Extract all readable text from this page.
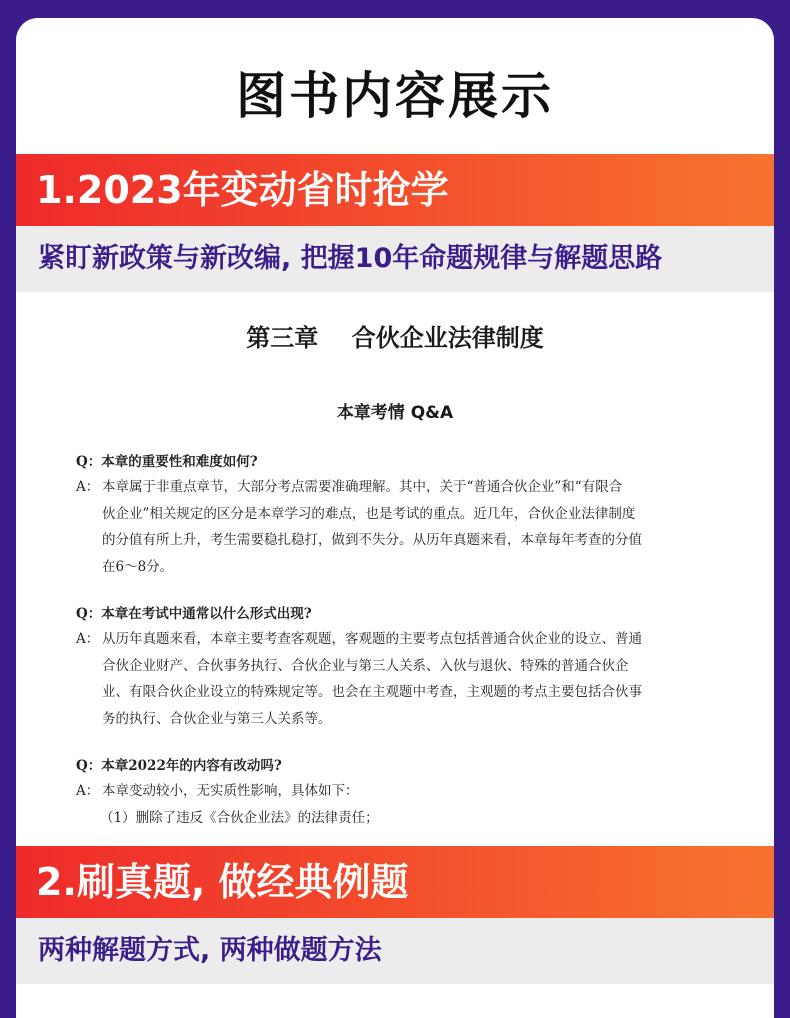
图书内容展示
1.2023年变动省时抢学
紧盯新政策与新改编, 把握10年命题规律与解题思路
第三章    合伙企业法律制度
本章考情 Q&A
Q：本章的重要性和难度如何?
A： 本章属于非重点章节，大部分考点需要准确理解。其中，关于“普通合伙企业”和“有限合
伙企业”相关规定的区分是本章学习的难点，也是考试的重点。近几年，合伙企业法律制度
的分值有所上升，考生需要稳扎稳打，做到不失分。从历年真题来看，本章每年考查的分值
在6～8分。
Q：本章在考试中通常以什么形式出现?
A： 从历年真题来看，本章主要考查客观题，客观题的主要考点包括普通合伙企业的设立、普通
合伙企业财产、合伙事务执行、合伙企业与第三人关系、入伙与退伙、特殊的普通合伙企
业、有限合伙企业设立的特殊规定等。也会在主观题中考查，主观题的考点主要包括合伙事
务的执行、合伙企业与第三人关系等。
Q：本章2022年的内容有改动吗?
A： 本章变动较小，无实质性影响，具体如下：
（1）删除了违反《合伙企业法》的法律责任；
2.刷真题, 做经典例题
两种解题方式, 两种做题方法
